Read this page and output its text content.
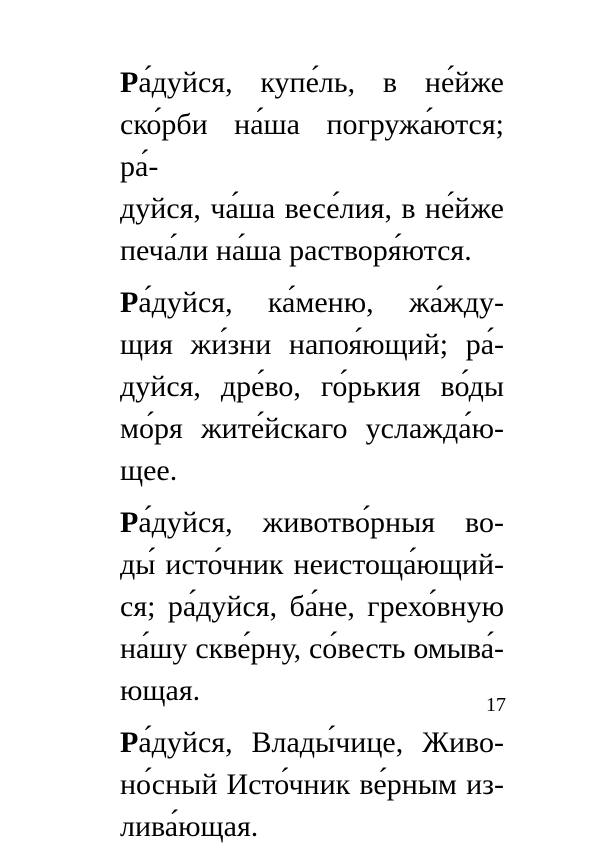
Ра́дуйся, купе́ль, в не́йже
ско́рби на́ша погружа́ются; ра́-
дуйся, ча́ша весе́лия, в не́йже
печа́ли на́ша растворя́ются.
Ра́дуйся, ка́меню, жа́жду-
щия жи́зни напоя́ющий; ра́-
дуйся, дре́во, го́рькия во́ды
мо́ря жите́йскаго услажда́ю-
щее.
Ра́дуйся, животво́рныя во-
ды́ исто́чник неистоща́ющий-
ся; ра́дуйся, ба́не, грехо́вную
на́шу скве́рну, со́весть омыва́-
ющая.
Ра́дуйся, Влады́чице, Живо-
но́сный Исто́чник ве́рным из-
лива́ющая.
17
